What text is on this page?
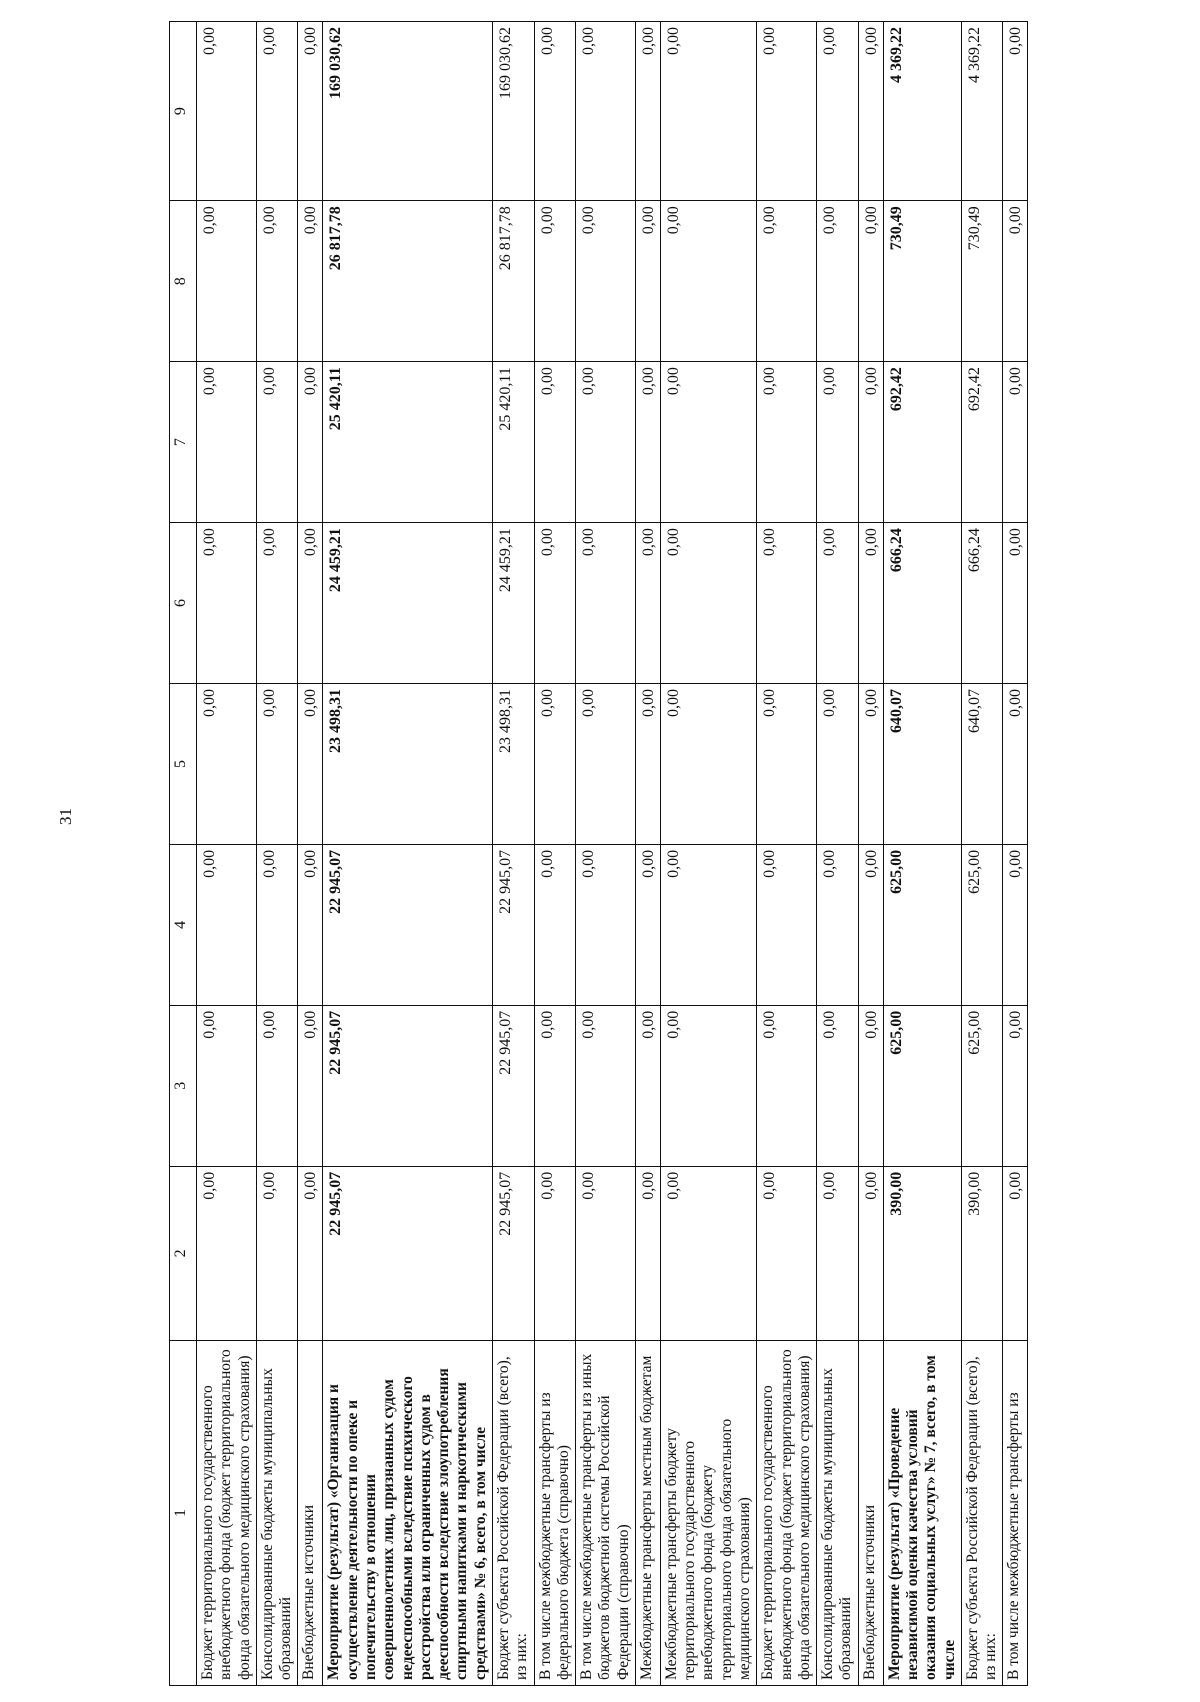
31
1	2	3	4	5	6	7	8	9
Бюджет территориального государственного внебюджетного фонда (бюджет территориального фонда обязательного медицинского страхования)	0,00	0,00	0,00	0,00	0,00	0,00	0,00	0,00
Консолидированные бюджеты муниципальных образований	0,00	0,00	0,00	0,00	0,00	0,00	0,00	0,00
Внебюджетные источники	0,00	0,00	0,00	0,00	0,00	0,00	0,00	0,00
Мероприятие (результат) «Организация и осуществление деятельности по опеке и попечительству в отношении совершеннолетних лиц, признанных судом недееспособными вследствие психического расстройства или ограниченных судом в дееспособности вследствие злоупотребления спиртными напитками и наркотическими средствами» № 6, всего, в том числе	22 945,07	22 945,07	22 945,07	23 498,31	24 459,21	25 420,11	26 817,78	169 030,62
Бюджет субъекта Российской Федерации (всего), из них:	22 945,07	22 945,07	22 945,07	23 498,31	24 459,21	25 420,11	26 817,78	169 030,62
В том числе межбюджетные трансферты из федерального бюджета (справочно)	0,00	0,00	0,00	0,00	0,00	0,00	0,00	0,00
В том числе межбюджетные трансферты из иных бюджетов бюджетной системы Российской Федерации (справочно)	0,00	0,00	0,00	0,00	0,00	0,00	0,00	0,00
Межбюджетные трансферты местным бюджетам	0,00	0,00	0,00	0,00	0,00	0,00	0,00	0,00
Межбюджетные трансферты бюджету территориального государственного внебюджетного фонда (бюджету территориального фонда обязательного медицинского страхования)	0,00	0,00	0,00	0,00	0,00	0,00	0,00	0,00
Бюджет территориального государственного внебюджетного фонда (бюджет территориального фонда обязательного медицинского страхования)	0,00	0,00	0,00	0,00	0,00	0,00	0,00	0,00
Консолидированные бюджеты муниципальных образований	0,00	0,00	0,00	0,00	0,00	0,00	0,00	0,00
Внебюджетные источники	0,00	0,00	0,00	0,00	0,00	0,00	0,00	0,00
Мероприятие (результат) «Проведение независимой оценки качества условий оказания социальных услуг» № 7, всего, в том числе	390,00	625,00	625,00	640,07	666,24	692,42	730,49	4 369,22
Бюджет субъекта Российской Федерации (всего), из них:	390,00	625,00	625,00	640,07	666,24	692,42	730,49	4 369,22
В том числе межбюджетные трансферты из	0,00	0,00	0,00	0,00	0,00	0,00	0,00	0,00
